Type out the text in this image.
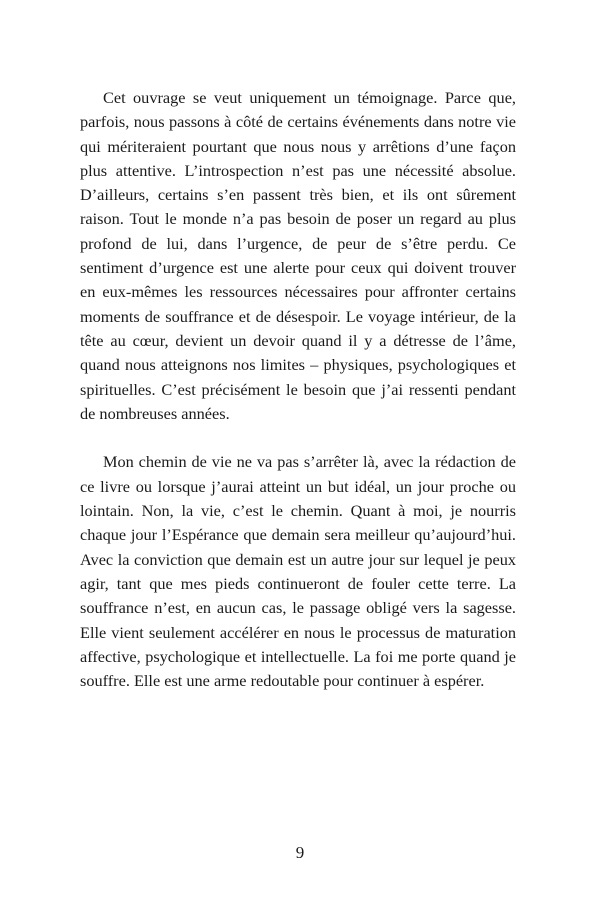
Cet ouvrage se veut uniquement un témoignage. Parce que, parfois, nous passons à côté de certains événements dans notre vie qui mériteraient pourtant que nous nous y arrêtions d’une façon plus attentive. L’introspection n’est pas une nécessité absolue. D’ailleurs, certains s’en passent très bien, et ils ont sûrement raison. Tout le monde n’a pas besoin de poser un regard au plus profond de lui, dans l’urgence, de peur de s’être perdu. Ce sentiment d’urgence est une alerte pour ceux qui doivent trouver en eux-mêmes les ressources nécessaires pour affronter certains moments de souffrance et de désespoir. Le voyage intérieur, de la tête au cœur, devient un devoir quand il y a détresse de l’âme, quand nous atteignons nos limites – physiques, psychologiques et spirituelles. C’est précisément le besoin que j’ai ressenti pendant de nombreuses années.

Mon chemin de vie ne va pas s’arrêter là, avec la rédaction de ce livre ou lorsque j’aurai atteint un but idéal, un jour proche ou lointain. Non, la vie, c’est le chemin. Quant à moi, je nourris chaque jour l’Espérance que demain sera meilleur qu’aujourd’hui. Avec la conviction que demain est un autre jour sur lequel je peux agir, tant que mes pieds continueront de fouler cette terre. La souffrance n’est, en aucun cas, le passage obligé vers la sagesse. Elle vient seulement accélérer en nous le processus de maturation affective, psychologique et intellectuelle. La foi me porte quand je souffre. Elle est une arme redoutable pour continuer à espérer.

9
